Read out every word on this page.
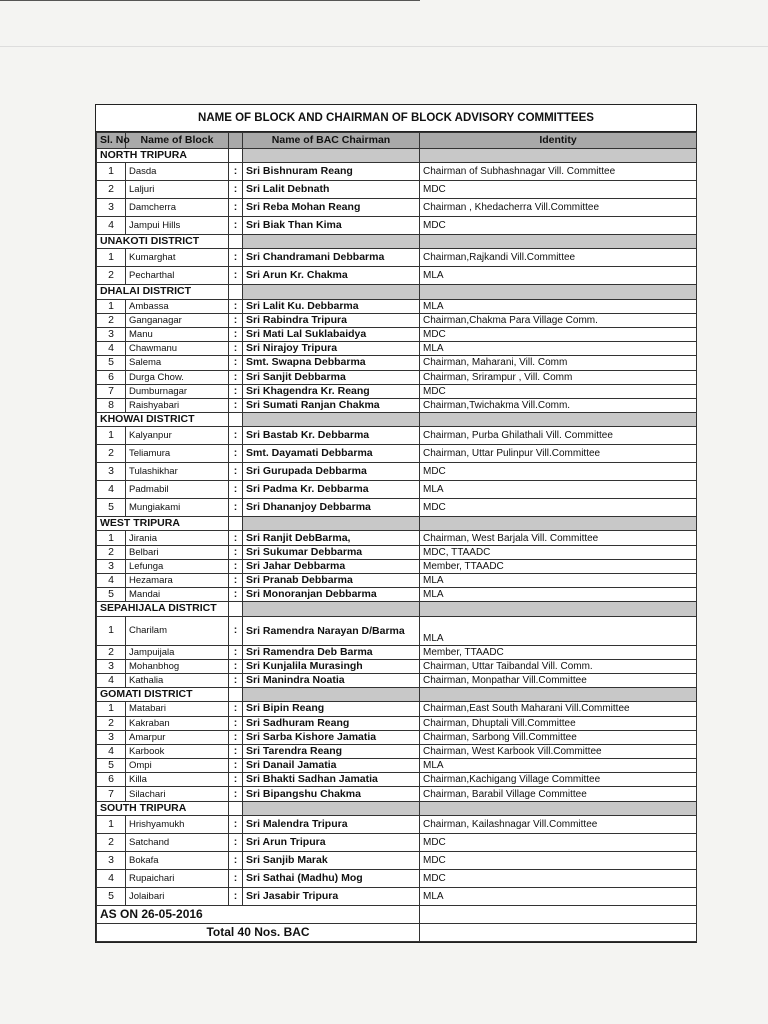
NAME OF BLOCK AND CHAIRMAN OF BLOCK ADVISORY COMMITTEES
Sl. No	Name of Block		Name of BAC Chairman	Identity
NORTH TRIPURA				
1	Dasda	:	Sri Bishnuram Reang	Chairman of Subhashnagar Vill. Committee
2	Laljuri	:	Sri Lalit Debnath	MDC
3	Damcherra	:	Sri Reba Mohan Reang	Chairman , Khedacherra Vill.Committee
4	Jampui Hills	:	Sri Biak Than Kima	MDC
UNAKOTI DISTRICT				
1	Kumarghat	:	Sri Chandramani Debbarma	Chairman,Rajkandi Vill.Committee
2	Pecharthal	:	Sri Arun Kr. Chakma	MLA
DHALAI DISTRICT				
1	Ambassa	:	Sri Lalit Ku. Debbarma	MLA
2	Ganganagar	:	Sri Rabindra Tripura	Chairman,Chakma Para Village Comm.
3	Manu	:	Sri Mati Lal Suklabaidya	MDC
4	Chawmanu	:	Sri Nirajoy Tripura	MLA
5	Salema	:	Smt. Swapna Debbarma	Chairman, Maharani, Vill. Comm
6	Durga Chow.	:	Sri Sanjit Debbarma	Chairman, Srirampur , Vill. Comm
7	Dumburnagar	:	Sri Khagendra Kr. Reang	MDC
8	Raishyabari	:	Sri Sumati Ranjan Chakma	Chairman,Twichakma Vill.Comm.
KHOWAI DISTRICT				
1	Kalyanpur	:	Sri Bastab Kr. Debbarma	Chairman, Purba Ghilathali Vill. Committee
2	Teliamura	:	Smt. Dayamati Debbarma	Chairman, Uttar Pulinpur Vill.Committee
3	Tulashikhar	:	Sri Gurupada Debbarma	MDC
4	Padmabil	:	Sri Padma Kr. Debbarma	MLA
5	Mungiakami	:	Sri Dhananjoy Debbarma	MDC
WEST TRIPURA				
1	Jirania	:	Sri Ranjit DebBarma,	Chairman, West Barjala Vill. Committee
2	Belbari	:	Sri Sukumar Debbarma	MDC, TTAADC
3	Lefunga	:	Sri Jahar Debbarma	Member, TTAADC
4	Hezamara	:	Sri Pranab Debbarma	MLA
5	Mandai	:	Sri Monoranjan Debbarma	MLA
SEPAHIJALA DISTRICT				
1	Charilam	:	Sri Ramendra Narayan D/Barma	MLA
2	Jampuijala	:	Sri Ramendra Deb Barma	Member, TTAADC
3	Mohanbhog	:	Sri Kunjalila Murasingh	Chairman, Uttar Taibandal Vill. Comm.
4	Kathalia	:	Sri Manindra Noatia	Chairman, Monpathar Vill.Committee
GOMATI DISTRICT				
1	Matabari	:	Sri Bipin Reang	Chairman,East South Maharani Vill.Committee
2	Kakraban	:	Sri Sadhuram Reang	Chairman, Dhuptali Vill.Committee
3	Amarpur	:	Sri Sarba Kishore Jamatia	Chairman, Sarbong Vill.Committee
4	Karbook	:	Sri Tarendra Reang	Chairman, West Karbook Vill.Committee
5	Ompi	:	Sri Danail Jamatia	MLA
6	Killa	:	Sri Bhakti Sadhan Jamatia	Chairman,Kachigang Village Committee
7	Silachari	:	Sri Bipangshu Chakma	Chairman, Barabil Village Committee
SOUTH TRIPURA				
1	Hrishyamukh	:	Sri Malendra Tripura	Chairman, Kailashnagar Vill.Committee
2	Satchand	:	Sri Arun Tripura	MDC
3	Bokafa	:	Sri Sanjib Marak	MDC
4	Rupaichari	:	Sri Sathai (Madhu) Mog	MDC
5	Jolaibari	:	Sri Jasabir Tripura	MLA
AS ON 26-05-2016				
Total 40 Nos. BAC				
